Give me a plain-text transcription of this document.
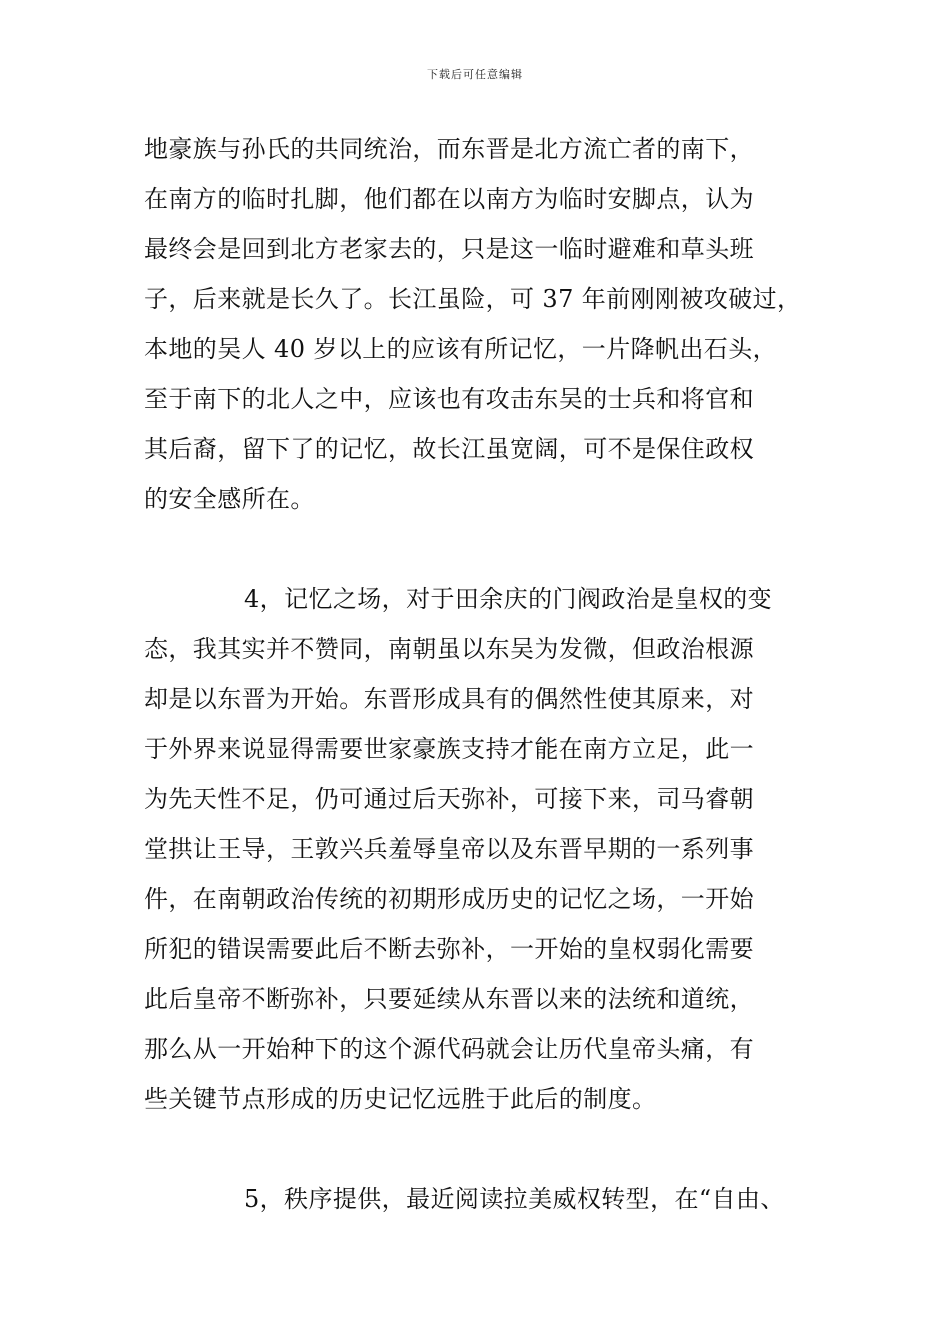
下载后可任意编辑
地豪族与孙氏的共同统治，而东晋是北方流亡者的南下，
在南方的临时扎脚，他们都在以南方为临时安脚点，认为
最终会是回到北方老家去的，只是这一临时避难和草头班
子，后来就是长久了。长江虽险，可 37 年前刚刚被攻破过，
本地的吴人 40 岁以上的应该有所记忆，一片降帆出石头，
至于南下的北人之中，应该也有攻击东吴的士兵和将官和
其后裔，留下了的记忆，故长江虽宽阔，可不是保住政权
的安全感所在。
4，记忆之场，对于田余庆的门阀政治是皇权的变
态，我其实并不赞同，南朝虽以东吴为发微，但政治根源
却是以东晋为开始。东晋形成具有的偶然性使其原来，对
于外界来说显得需要世家豪族支持才能在南方立足，此一
为先天性不足，仍可通过后天弥补，可接下来，司马睿朝
堂拱让王导，王敦兴兵羞辱皇帝以及东晋早期的一系列事
件，在南朝政治传统的初期形成历史的记忆之场，一开始
所犯的错误需要此后不断去弥补，一开始的皇权弱化需要
此后皇帝不断弥补，只要延续从东晋以来的法统和道统，
那么从一开始种下的这个源代码就会让历代皇帝头痛，有
些关键节点形成的历史记忆远胜于此后的制度。
5，秩序提供，最近阅读拉美威权转型，在“自由、
